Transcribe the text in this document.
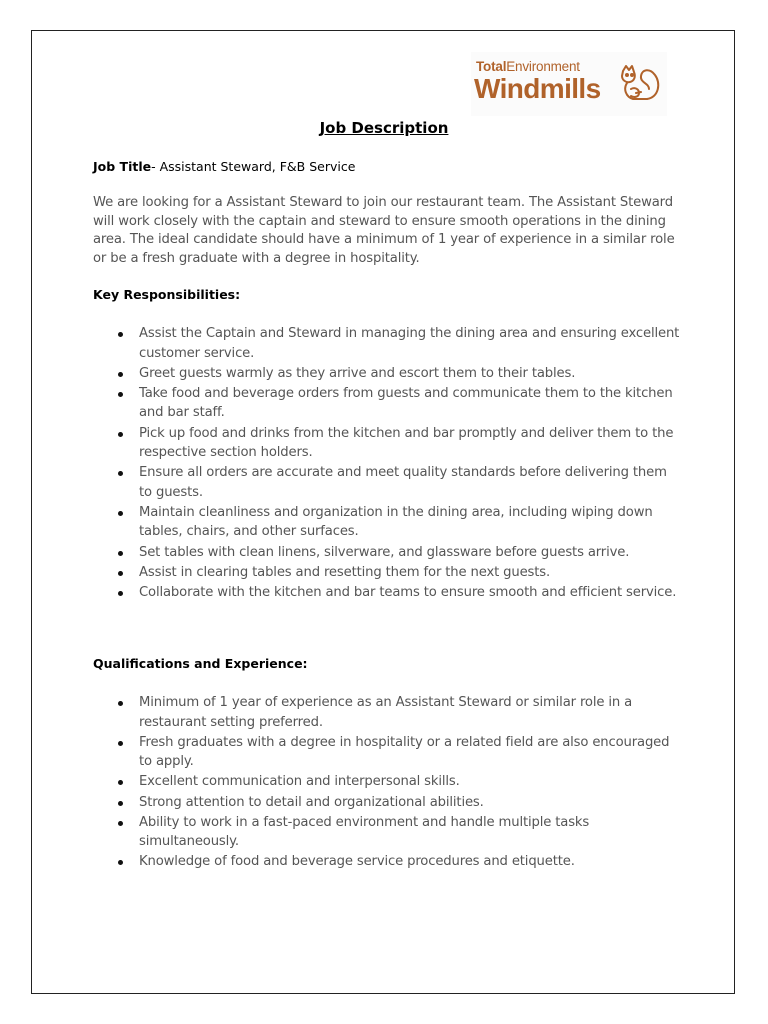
TotalEnvironment
Windmills
Job Description
Job Title- Assistant Steward, F&B Service
We are looking for a Assistant Steward to join our restaurant team. The Assistant Steward will work closely with the captain and steward to ensure smooth operations in the dining area. The ideal candidate should have a minimum of 1 year of experience in a similar role or be a fresh graduate with a degree in hospitality.
Key Responsibilities:
Assist the Captain and Steward in managing the dining area and ensuring excellent customer service.
Greet guests warmly as they arrive and escort them to their tables.
Take food and beverage orders from guests and communicate them to the kitchen and bar staff.
Pick up food and drinks from the kitchen and bar promptly and deliver them to the respective section holders.
Ensure all orders are accurate and meet quality standards before delivering them to guests.
Maintain cleanliness and organization in the dining area, including wiping down tables, chairs, and other surfaces.
Set tables with clean linens, silverware, and glassware before guests arrive.
Assist in clearing tables and resetting them for the next guests.
Collaborate with the kitchen and bar teams to ensure smooth and efficient service.
Qualifications and Experience:
Minimum of 1 year of experience as an Assistant Steward or similar role in a restaurant setting preferred.
Fresh graduates with a degree in hospitality or a related field are also encouraged to apply.
Excellent communication and interpersonal skills.
Strong attention to detail and organizational abilities.
Ability to work in a fast-paced environment and handle multiple tasks simultaneously.
Knowledge of food and beverage service procedures and etiquette.
